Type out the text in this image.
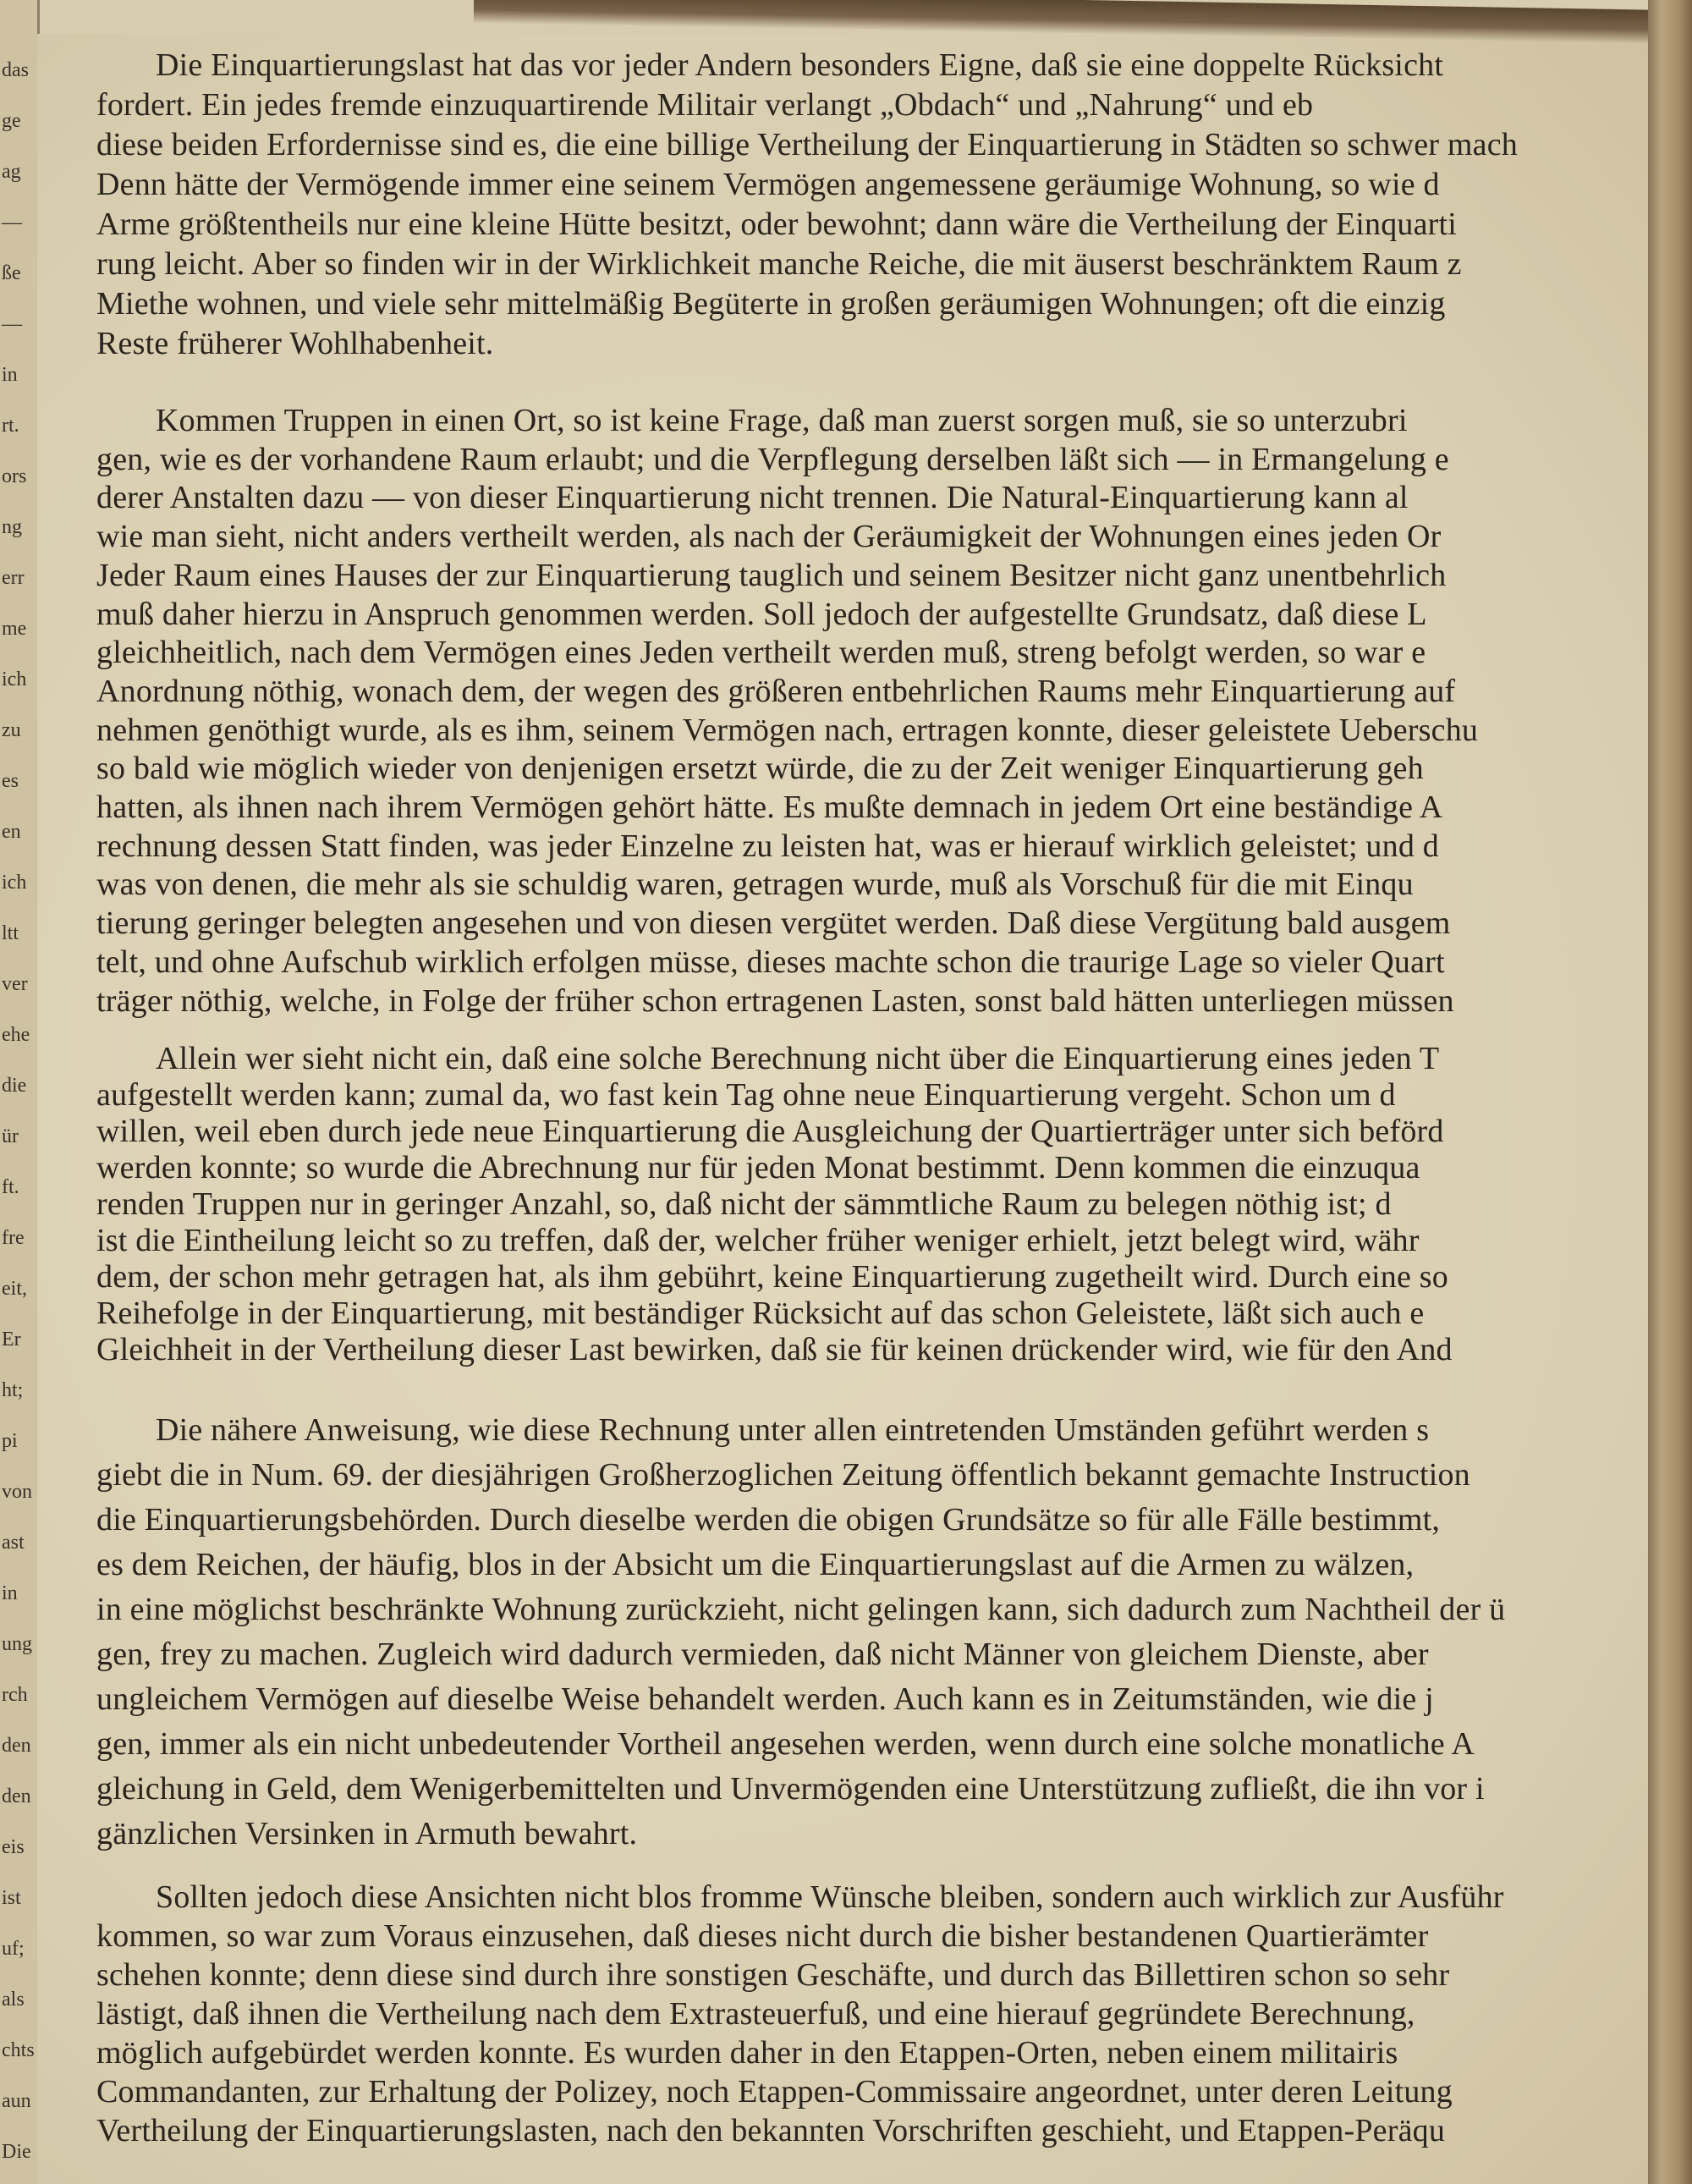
das
ge
ag
—
ße
—
in
rt.
ors
ng
err
me
ich
zu
es
en
ich
ltt
ver
ehe
die
ür
ft.
fre
eit,
Er
ht;
pi
von
ast
in
ung
rch
den
den
eis
ist
uf;
als
chts
aun
Die
Die Einquartierungslast hat das vor jeder Andern besonders Eigne, daß sie eine doppelte Rücksicht
fordert. Ein jedes fremde einzuquartirende Militair verlangt „Obdach“ und „Nahrung“ und eb
diese beiden Erfordernisse sind es, die eine billige Vertheilung der Einquartierung in Städten so schwer mach
Denn hätte der Vermögende immer eine seinem Vermögen angemessene geräumige Wohnung, so wie d
Arme größtentheils nur eine kleine Hütte besitzt, oder bewohnt; dann wäre die Vertheilung der Einquarti
rung leicht. Aber so finden wir in der Wirklichkeit manche Reiche, die mit äuserst beschränktem Raum z
Miethe wohnen, und viele sehr mittelmäßig Begüterte in großen geräumigen Wohnungen; oft die einzig
Reste früherer Wohlhabenheit.
Kommen Truppen in einen Ort, so ist keine Frage, daß man zuerst sorgen muß, sie so unterzubri
gen, wie es der vorhandene Raum erlaubt; und die Verpflegung derselben läßt sich — in Ermangelung e
derer Anstalten dazu — von dieser Einquartierung nicht trennen. Die Natural-Einquartierung kann al
wie man sieht, nicht anders vertheilt werden, als nach der Geräumigkeit der Wohnungen eines jeden Or
Jeder Raum eines Hauses der zur Einquartierung tauglich und seinem Besitzer nicht ganz unentbehrlich
muß daher hierzu in Anspruch genommen werden. Soll jedoch der aufgestellte Grundsatz, daß diese L
gleichheitlich, nach dem Vermögen eines Jeden vertheilt werden muß, streng befolgt werden, so war e
Anordnung nöthig, wonach dem, der wegen des größeren entbehrlichen Raums mehr Einquartierung auf
nehmen genöthigt wurde, als es ihm, seinem Vermögen nach, ertragen konnte, dieser geleistete Ueberschu
so bald wie möglich wieder von denjenigen ersetzt würde, die zu der Zeit weniger Einquartierung geh
hatten, als ihnen nach ihrem Vermögen gehört hätte. Es mußte demnach in jedem Ort eine beständige A
rechnung dessen Statt finden, was jeder Einzelne zu leisten hat, was er hierauf wirklich geleistet; und d
was von denen, die mehr als sie schuldig waren, getragen wurde, muß als Vorschuß für die mit Einqu
tierung geringer belegten angesehen und von diesen vergütet werden. Daß diese Vergütung bald ausgem
telt, und ohne Aufschub wirklich erfolgen müsse, dieses machte schon die traurige Lage so vieler Quart
träger nöthig, welche, in Folge der früher schon ertragenen Lasten, sonst bald hätten unterliegen müssen
Allein wer sieht nicht ein, daß eine solche Berechnung nicht über die Einquartierung eines jeden T
aufgestellt werden kann; zumal da, wo fast kein Tag ohne neue Einquartierung vergeht. Schon um d
willen, weil eben durch jede neue Einquartierung die Ausgleichung der Quartierträger unter sich beförd
werden konnte; so wurde die Abrechnung nur für jeden Monat bestimmt. Denn kommen die einzuqua
renden Truppen nur in geringer Anzahl, so, daß nicht der sämmtliche Raum zu belegen nöthig ist; d
ist die Eintheilung leicht so zu treffen, daß der, welcher früher weniger erhielt, jetzt belegt wird, währ
dem, der schon mehr getragen hat, als ihm gebührt, keine Einquartierung zugetheilt wird. Durch eine so
Reihefolge in der Einquartierung, mit beständiger Rücksicht auf das schon Geleistete, läßt sich auch e
Gleichheit in der Vertheilung dieser Last bewirken, daß sie für keinen drückender wird, wie für den And
Die nähere Anweisung, wie diese Rechnung unter allen eintretenden Umständen geführt werden s
giebt die in Num. 69. der diesjährigen Großherzoglichen Zeitung öffentlich bekannt gemachte Instruction
die Einquartierungsbehörden. Durch dieselbe werden die obigen Grundsätze so für alle Fälle bestimmt,
es dem Reichen, der häufig, blos in der Absicht um die Einquartierungslast auf die Armen zu wälzen,
in eine möglichst beschränkte Wohnung zurückzieht, nicht gelingen kann, sich dadurch zum Nachtheil der ü
gen, frey zu machen. Zugleich wird dadurch vermieden, daß nicht Männer von gleichem Dienste, aber
ungleichem Vermögen auf dieselbe Weise behandelt werden. Auch kann es in Zeitumständen, wie die j
gen, immer als ein nicht unbedeutender Vortheil angesehen werden, wenn durch eine solche monatliche A
gleichung in Geld, dem Wenigerbemittelten und Unvermögenden eine Unterstützung zufließt, die ihn vor i
gänzlichen Versinken in Armuth bewahrt.
Sollten jedoch diese Ansichten nicht blos fromme Wünsche bleiben, sondern auch wirklich zur Ausführ
kommen, so war zum Voraus einzusehen, daß dieses nicht durch die bisher bestandenen Quartierämter
schehen konnte; denn diese sind durch ihre sonstigen Geschäfte, und durch das Billettiren schon so sehr
lästigt, daß ihnen die Vertheilung nach dem Extrasteuerfuß, und eine hierauf gegründete Berechnung,
möglich aufgebürdet werden konnte. Es wurden daher in den Etappen-Orten, neben einem militairis
Commandanten, zur Erhaltung der Polizey, noch Etappen-Commissaire angeordnet, unter deren Leitung
Vertheilung der Einquartierungslasten, nach den bekannten Vorschriften geschieht, und Etappen-Peräqu
